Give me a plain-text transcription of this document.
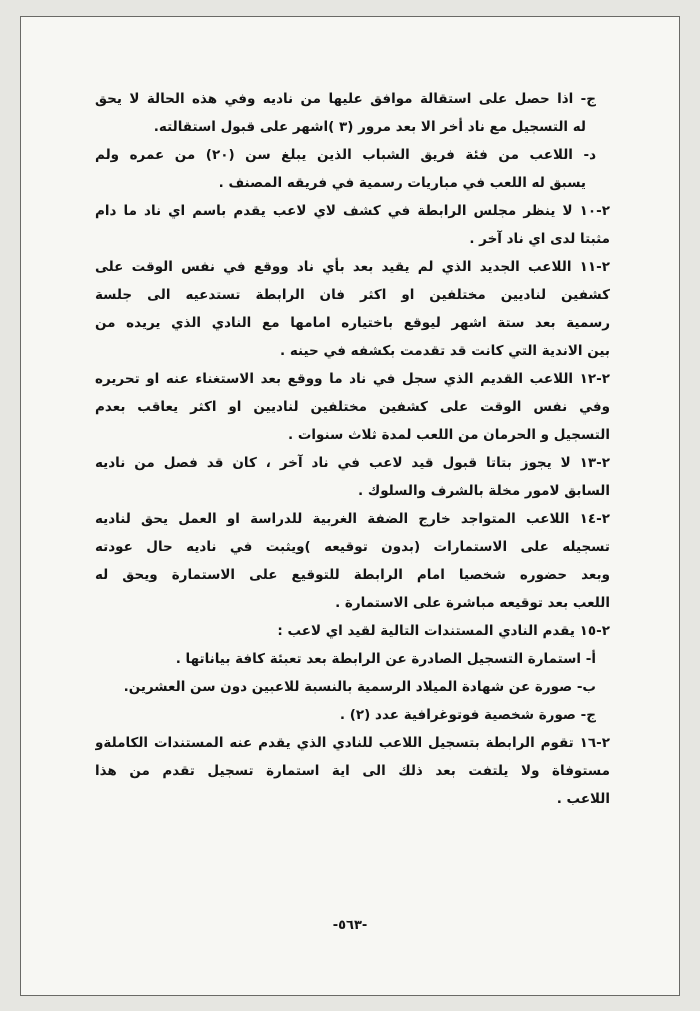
ج- اذا حصل على استقالة موافق عليها من ناديه وفي هذه الحالة لا يحق
له التسجيل مع ناد أخر الا بعد مرور (٣ )اشهر على قبول استقالته.
د- اللاعب من فئة فريق الشباب الذين يبلغ سن (٢٠) من عمره ولم
يسبق له اللعب في مباريات رسمية في فريقه المصنف .
٢-١٠ لا ينظر مجلس الرابطة في كشف لاي لاعب يقدم باسم اي ناد ما دام
مثبتا لدى اي ناد آخر .
٢-١١ اللاعب الجديد الذي لم يقيد بعد بأي ناد ووقع في نفس الوقت على
كشفين لناديين مختلفين او اكثر فان الرابطة تستدعيه الى جلسة
رسمية بعد ستة اشهر ليوقع باختياره امامها مع النادي الذي يريده من
بين الاندية التي كانت قد تقدمت بكشفه في حينه .
٢-١٢ اللاعب القديم الذي سجل في ناد ما ووقع بعد الاستغناء عنه او تحريره
وفي نفس الوقت على كشفين مختلفين لناديين او اكثر يعاقب بعدم
التسجيل و الحرمان من اللعب لمدة ثلاث سنوات .
٢-١٣ لا يجوز بتاتا قبول قيد لاعب في ناد آخر ، كان قد فصل من ناديه
السابق لامور مخلة بالشرف والسلوك .
٢-١٤ اللاعب المتواجد خارج الضفة الغربية للدراسة او العمل يحق لناديه
تسجيله على الاستمارات (بدون توقيعه )ويثبت في ناديه حال عودته
وبعد حضوره شخصيا امام الرابطة للتوقيع على الاستمارة ويحق له
اللعب بعد توقيعه مباشرة على الاستمارة .
٢-١٥ يقدم النادي المستندات التالية لقيد اي لاعب :
أ- استمارة التسجيل الصادرة عن الرابطة بعد تعبئة كافة بياناتها .
ب- صورة عن شهادة الميلاد الرسمية بالنسبة للاعبين دون سن العشرين.
ج- صورة شخصية فوتوغرافية عدد (٢) .
٢-١٦ تقوم الرابطة بتسجيل اللاعب للنادي الذي يقدم عنه المستندات الكاملةو
مستوفاة ولا يلتفت بعد ذلك الى اية استمارة تسجيل تقدم من هذا
اللاعب .
-٥٦٣-
